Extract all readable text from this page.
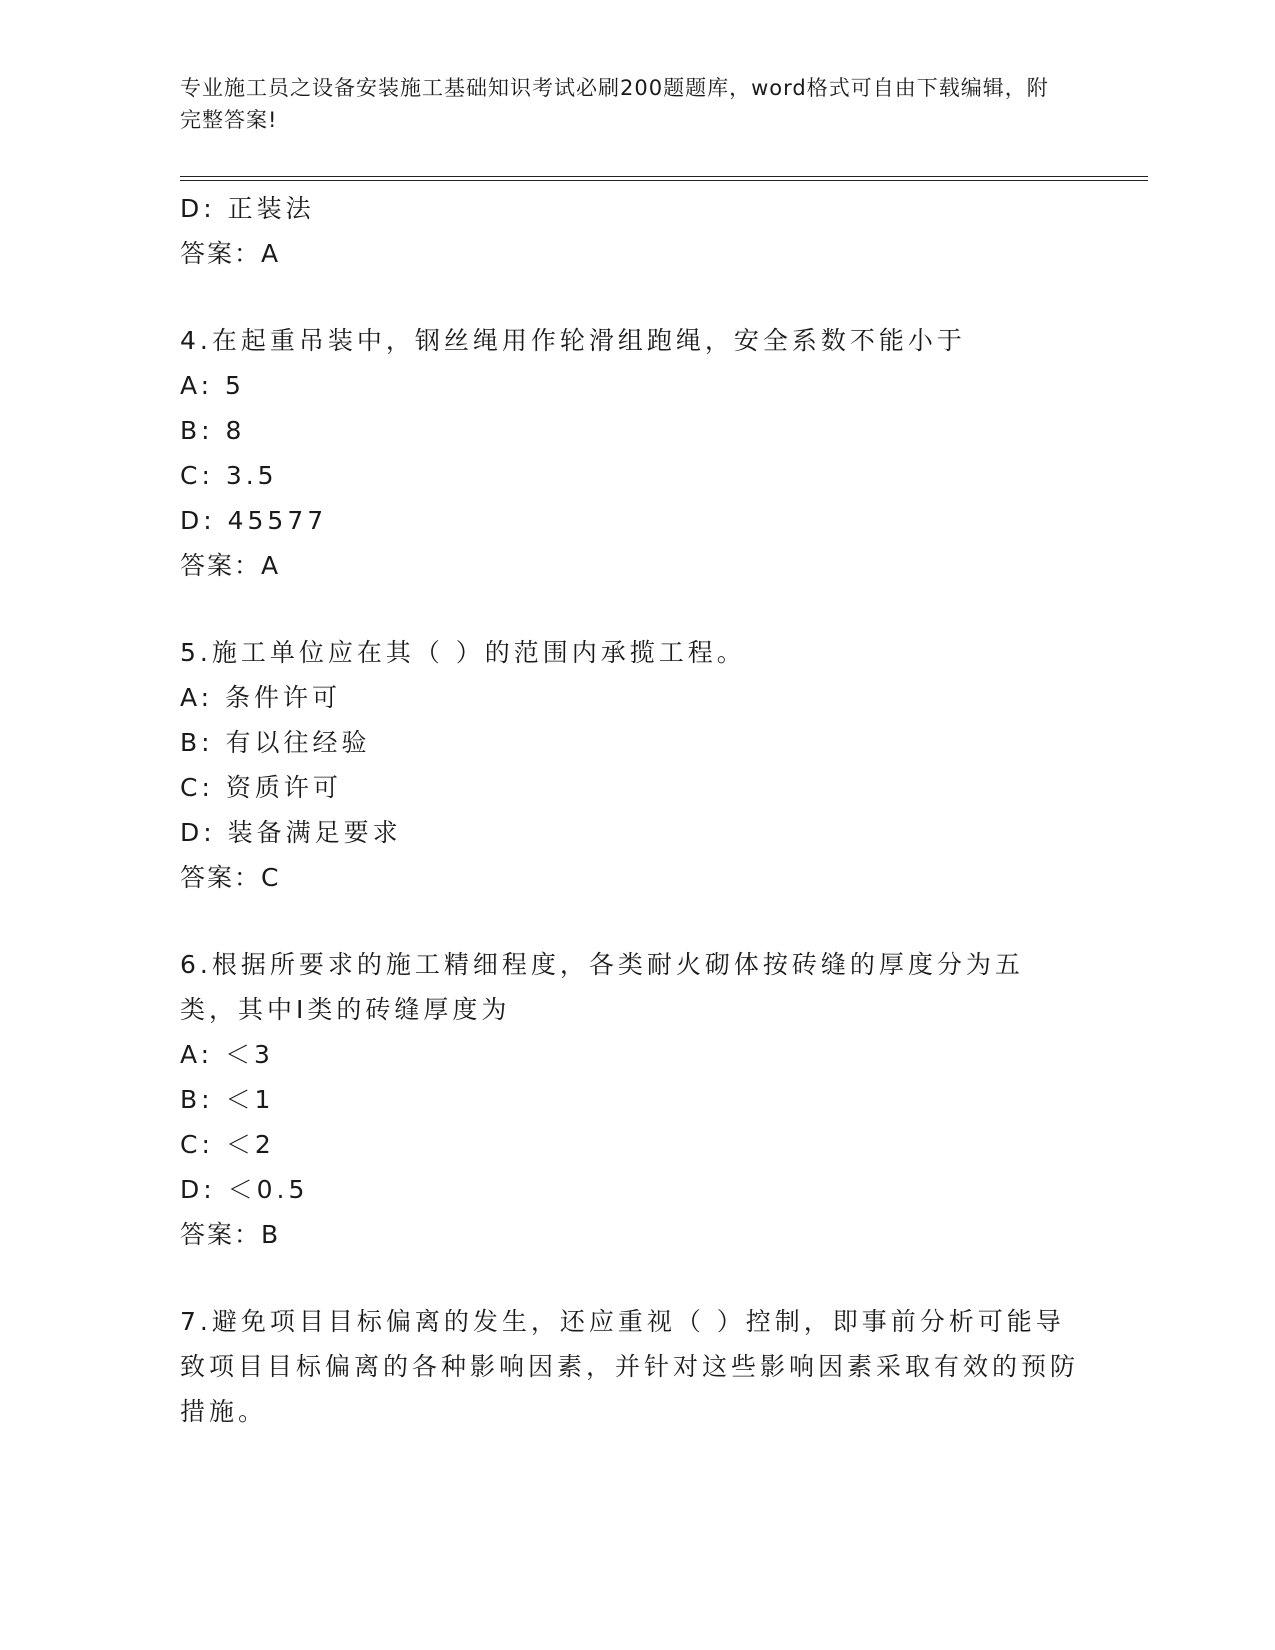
专业施工员之设备安装施工基础知识考试必刷200题题库，word格式可自由下载编辑，附完整答案!
D: 正装法
答案：A
4.在起重吊装中，钢丝绳用作轮滑组跑绳，安全系数不能小于
A: 5
B: 8
C: 3.5
D: 45577
答案：A
5.施工单位应在其（ ）的范围内承揽工程。
A: 条件许可
B: 有以往经验
C: 资质许可
D: 装备满足要求
答案：C
6.根据所要求的施工精细程度，各类耐火砌体按砖缝的厚度分为五类，其中I类的砖缝厚度为
A: ＜3
B: ＜1
C: ＜2
D: ＜0.5
答案：B
7.避免项目目标偏离的发生，还应重视（ ）控制，即事前分析可能导致项目目标偏离的各种影响因素，并针对这些影响因素采取有效的预防措施。
